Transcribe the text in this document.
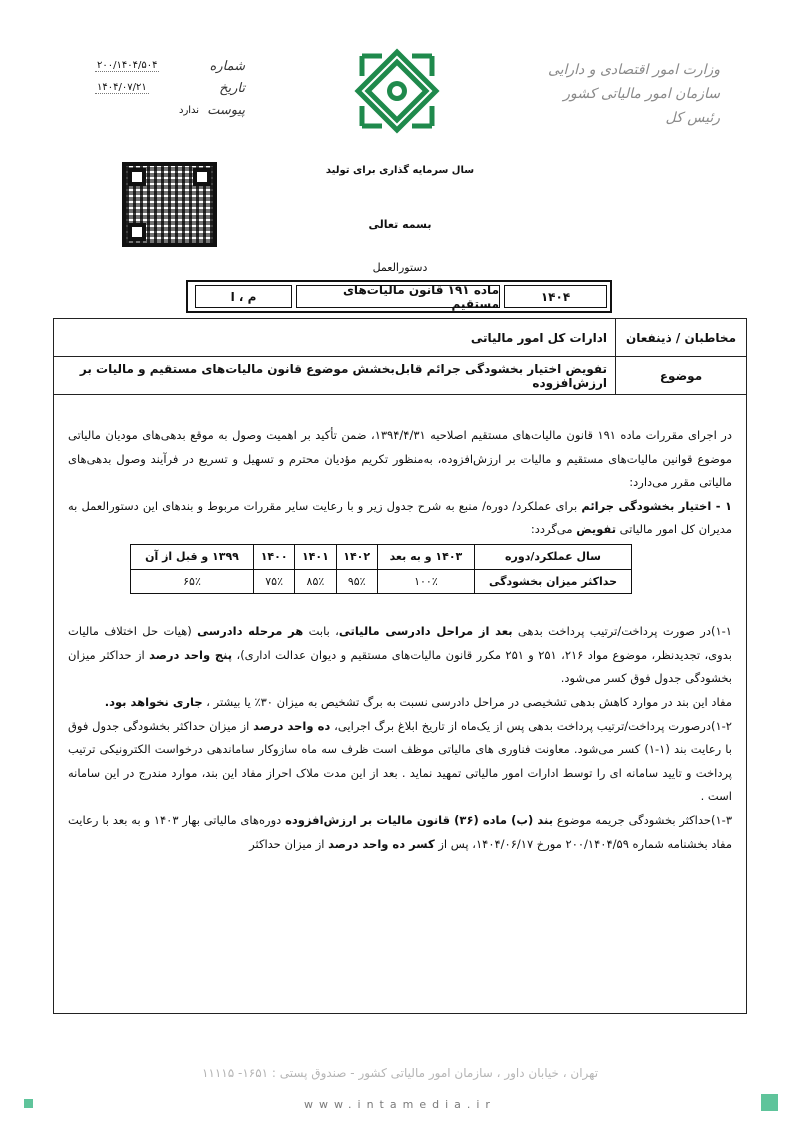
شماره
۲۰۰/۱۴۰۴/۵۰۴
تاریخ
۱۴۰۴/۰۷/۲۱
پیوست
ندارد
وزارت امور اقتصادی و دارایی
سازمان امور مالیاتی کشور
رئیس کل
سال سرمایه گذاری برای تولید
بسمه تعالی
دستورالعمل
۱۴۰۴
ماده ۱۹۱ قانون مالیات‌های مستقیم
م ، ا
مخاطبان / ذینفعان
ادارات کل امور مالیاتی
موضوع
تفویض اختیار بخشودگی جرائم قابل‌بخشش موضوع قانون مالیات‌های مستقیم و مالیات بر ارزش‌افزوده

در اجرای مقررات ماده ۱۹۱ قانون مالیات‌های مستقیم اصلاحیه ۱۳۹۴/۴/۳۱، ضمن تأکید بر اهمیت وصول به موقع بدهی‌های مودیان مالیاتی موضوع قوانین مالیات‌های مستقیم و مالیات بر ارزش‌افزوده، به‌منظور تکریم مؤدیان محترم و تسهیل و تسریع در فرآیند وصول بدهی‌های مالیاتی مقرر می‌دارد:

۱ - اختیار بخشودگی جرائم برای عملکرد/ دوره/ منبع به شرح جدول زیر و با رعایت سایر مقررات مربوط و بندهای این دستورالعمل به مدیران کل امور مالیاتی تفویض می‌گردد:

سال عملکرد/دوره	۱۴۰۳ و به بعد	۱۴۰۲	۱۴۰۱	۱۴۰۰	۱۳۹۹ و قبل از آن
حداکثر میزان بخشودگی	۱۰۰٪	۹۵٪	۸۵٪	۷۵٪	۶۵٪

۱-۱)در صورت پرداخت/ترتیب پرداخت بدهی بعد از مراحل دادرسی مالیاتی، بابت هر مرحله دادرسی (هیات حل اختلاف مالیات بدوی، تجدیدنظر، موضوع مواد ۲۱۶، ۲۵۱ و ۲۵۱ مکرر قانون مالیات‌های مستقیم و دیوان عدالت اداری)، پنج واحد درصد از حداکثر میزان بخشودگی جدول فوق کسر می‌شود.

مفاد این بند در موارد کاهش بدهی تشخیصی در مراحل دادرسی نسبت به برگ تشخیص به میزان ۳۰٪ یا بیشتر ، جاری نخواهد بود.

۱-۲)درصورت پرداخت/ترتیب پرداخت بدهی پس از یک‌ماه از تاریخ ابلاغ برگ اجرایی، ده واحد درصد از میزان حداکثر بخشودگی جدول فوق با رعایت بند (۱-۱) کسر می‌شود. معاونت فناوری های مالیاتی موظف است ظرف سه ماه سازوکار ساماندهی درخواست الکترونیکی ترتیب پرداخت و تایید سامانه ای را توسط ادارات امور مالیاتی تمهید نماید . بعد از این مدت ملاک احراز مفاد این بند، موارد مندرج در این سامانه است .

۱-۳)حداکثر بخشودگی جریمه موضوع بند (ب) ماده (۳۶) قانون مالیات بر ارزش‌افزوده دوره‌های مالیاتی بهار ۱۴۰۳ و به بعد با رعایت مفاد بخشنامه شماره ۲۰۰/۱۴۰۴/۵۹ مورخ ۱۴۰۴/۰۶/۱۷، پس از کسر ده واحد درصد از میزان حداکثر

تهران ، خیابان داور ، سازمان امور مالیاتی کشور - صندوق پستی : ۱۶۵۱- ۱۱۱۱۵
www.intamedia.ir
